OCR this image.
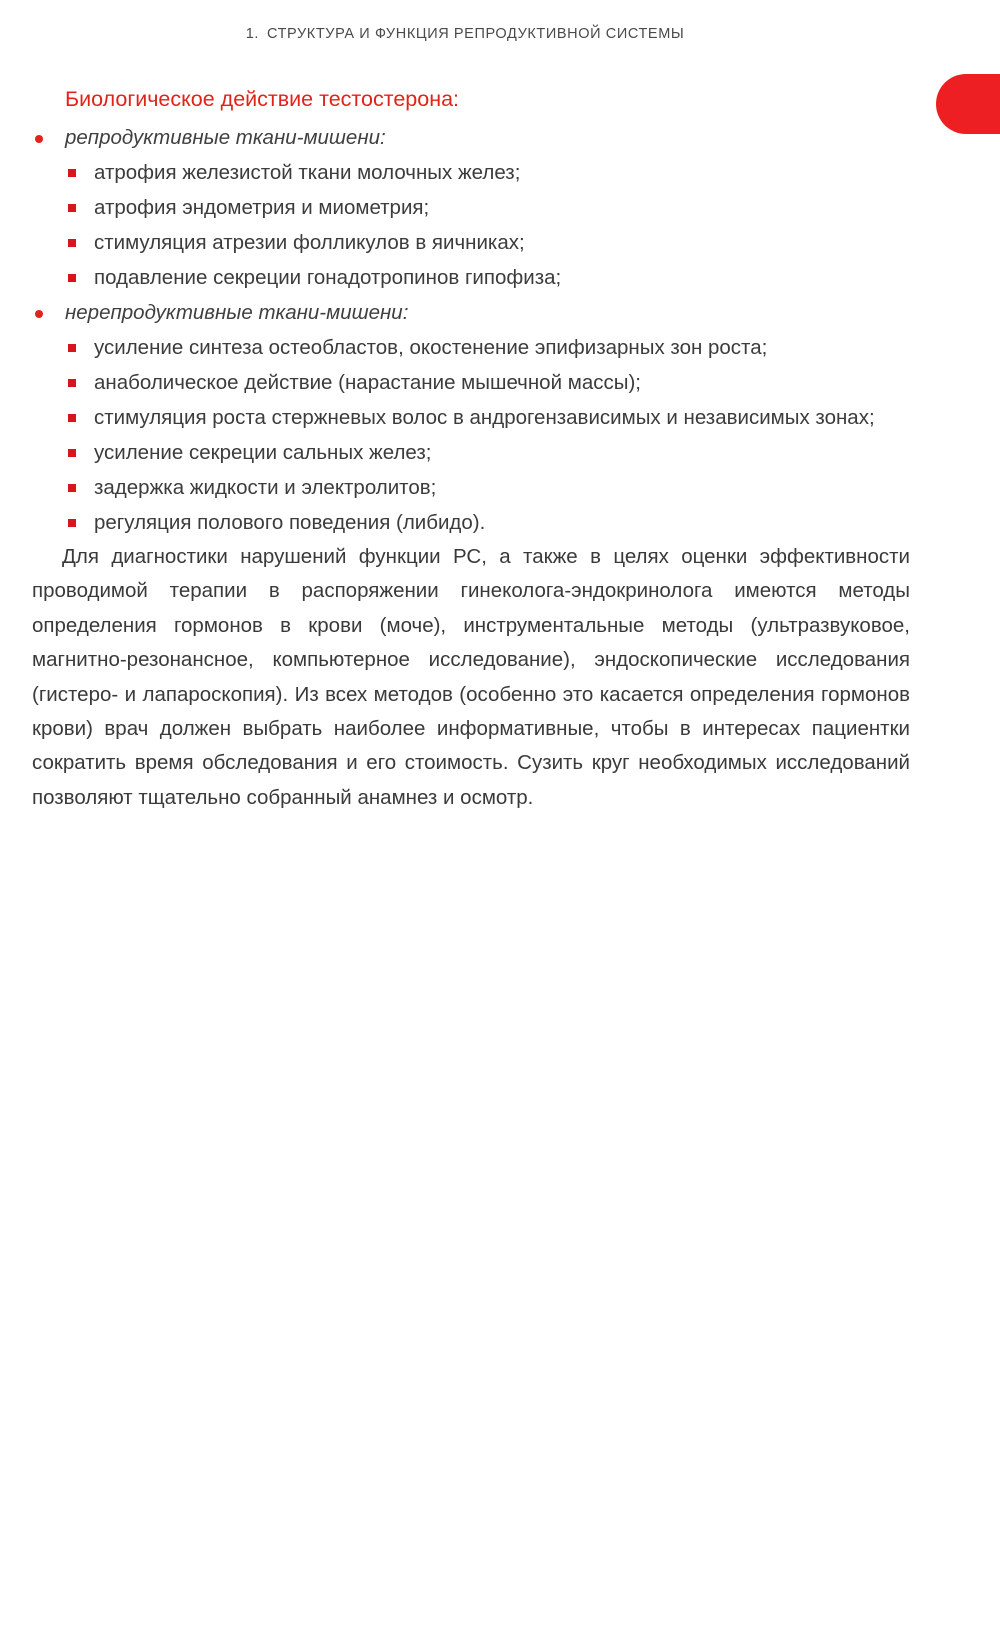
1. СТРУКТУРА И ФУНКЦИЯ РЕПРОДУКТИВНОЙ СИСТЕМЫ
Биологическое действие тестостерона:
репродуктивные ткани-мишени:
атрофия железистой ткани молочных желез;
атрофия эндометрия и миометрия;
стимуляция атрезии фолликулов в яичниках;
подавление секреции гонадотропинов гипофиза;
нерепродуктивные ткани-мишени:
усиление синтеза остеобластов, окостенение эпифизарных зон роста;
анаболическое действие (нарастание мышечной массы);
стимуляция роста стержневых волос в андрогензависимых и независимых зонах;
усиление секреции сальных желез;
задержка жидкости и электролитов;
регуляция полового поведения (либидо).

Для диагностики нарушений функции РС, а также в целях оценки эффективности проводимой терапии в распоряжении гинеколога-эндокринолога имеются методы определения гормонов в крови (моче), инструментальные методы (ультразвуковое, магнитно-резонансное, компьютерное исследование), эндоскопические исследования (гистеро- и лапароскопия). Из всех методов (особенно это касается определения гормонов крови) врач должен выбрать наиболее информативные, чтобы в интересах пациентки сократить время обследования и его стоимость. Сузить круг необходимых исследований позволяют тщательно собранный анамнез и осмотр.
